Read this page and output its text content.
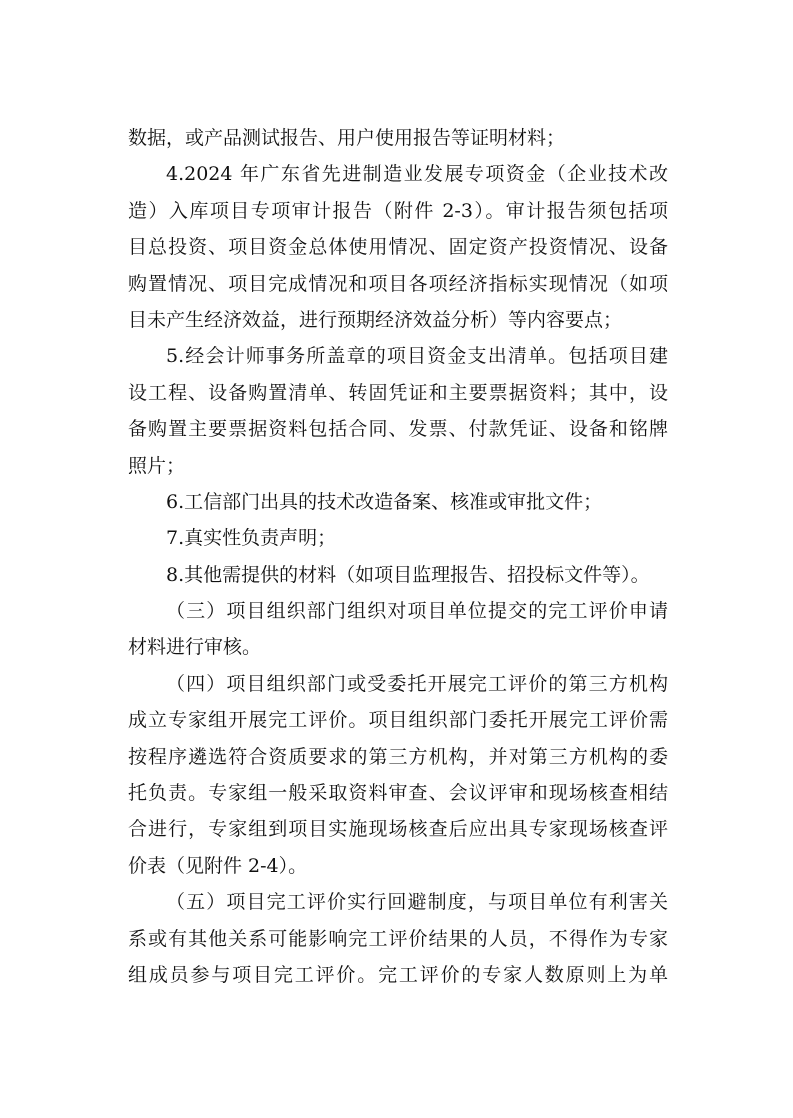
数据，或产品测试报告、用户使用报告等证明材料；
4.2024 年广东省先进制造业发展专项资金（企业技术改
造）入库项目专项审计报告（附件 2-3）。审计报告须包括项
目总投资、项目资金总体使用情况、固定资产投资情况、设备
购置情况、项目完成情况和项目各项经济指标实现情况（如项
目未产生经济效益，进行预期经济效益分析）等内容要点；
5.经会计师事务所盖章的项目资金支出清单。包括项目建
设工程、设备购置清单、转固凭证和主要票据资料；其中，设
备购置主要票据资料包括合同、发票、付款凭证、设备和铭牌
照片；
6.工信部门出具的技术改造备案、核准或审批文件；
7.真实性负责声明；
8.其他需提供的材料（如项目监理报告、招投标文件等）。
（三）项目组织部门组织对项目单位提交的完工评价申请
材料进行审核。
（四）项目组织部门或受委托开展完工评价的第三方机构
成立专家组开展完工评价。项目组织部门委托开展完工评价需
按程序遴选符合资质要求的第三方机构，并对第三方机构的委
托负责。专家组一般采取资料审查、会议评审和现场核查相结
合进行，专家组到项目实施现场核查后应出具专家现场核查评
价表（见附件 2-4）。
（五）项目完工评价实行回避制度，与项目单位有利害关
系或有其他关系可能影响完工评价结果的人员，不得作为专家
组成员参与项目完工评价。完工评价的专家人数原则上为单
